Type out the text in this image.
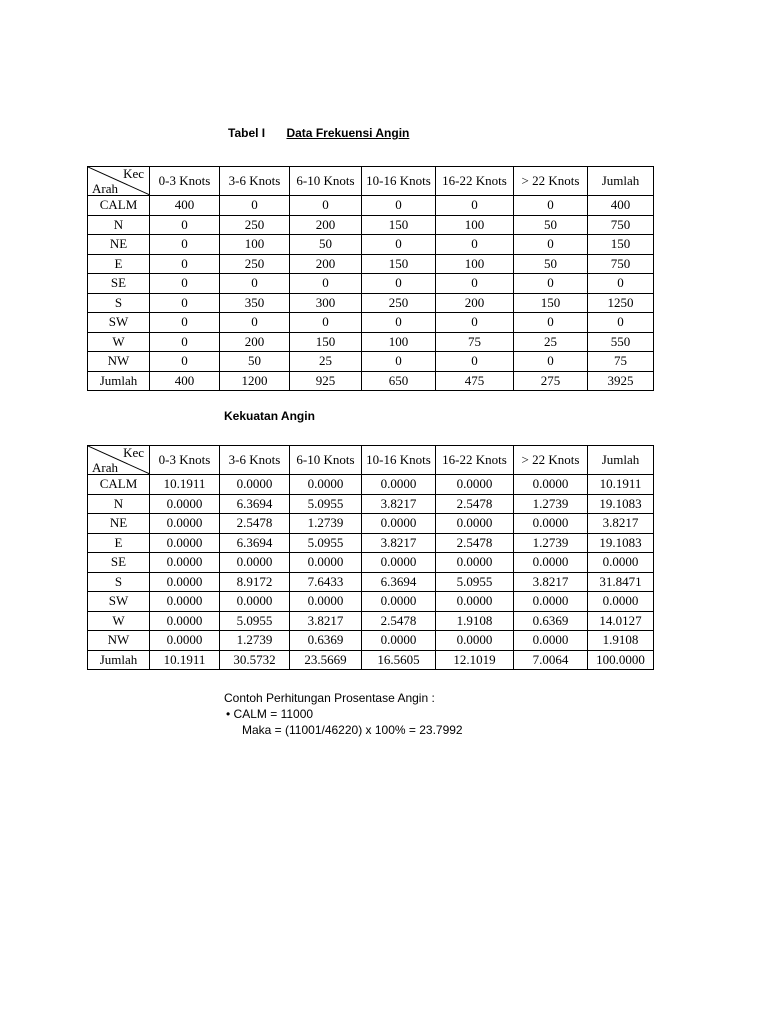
Tabel I Data Frekuensi Angin
Kec
Arah	0-3 Knots	3-6 Knots	6-10 Knots	10-16 Knots	16-22 Knots	> 22 Knots	Jumlah
CALM	400	0	0	0	0	0	400
N	0	250	200	150	100	50	750
NE	0	100	50	0	0	0	150
E	0	250	200	150	100	50	750
SE	0	0	0	0	0	0	0
S	0	350	300	250	200	150	1250
SW	0	0	0	0	0	0	0
W	0	200	150	100	75	25	550
NW	0	50	25	0	0	0	75
Jumlah	400	1200	925	650	475	275	3925
Kekuatan Angin
Kec
Arah	0-3 Knots	3-6 Knots	6-10 Knots	10-16 Knots	16-22 Knots	> 22 Knots	Jumlah
CALM	10.1911	0.0000	0.0000	0.0000	0.0000	0.0000	10.1911
N	0.0000	6.3694	5.0955	3.8217	2.5478	1.2739	19.1083
NE	0.0000	2.5478	1.2739	0.0000	0.0000	0.0000	3.8217
E	0.0000	6.3694	5.0955	3.8217	2.5478	1.2739	19.1083
SE	0.0000	0.0000	0.0000	0.0000	0.0000	0.0000	0.0000
S	0.0000	8.9172	7.6433	6.3694	5.0955	3.8217	31.8471
SW	0.0000	0.0000	0.0000	0.0000	0.0000	0.0000	0.0000
W	0.0000	5.0955	3.8217	2.5478	1.9108	0.6369	14.0127
NW	0.0000	1.2739	0.6369	0.0000	0.0000	0.0000	1.9108
Jumlah	10.1911	30.5732	23.5669	16.5605	12.1019	7.0064	100.0000
Contoh Perhitungan Prosentase Angin :
• CALM = 11000
Maka = (11001/46220) x 100% = 23.7992
